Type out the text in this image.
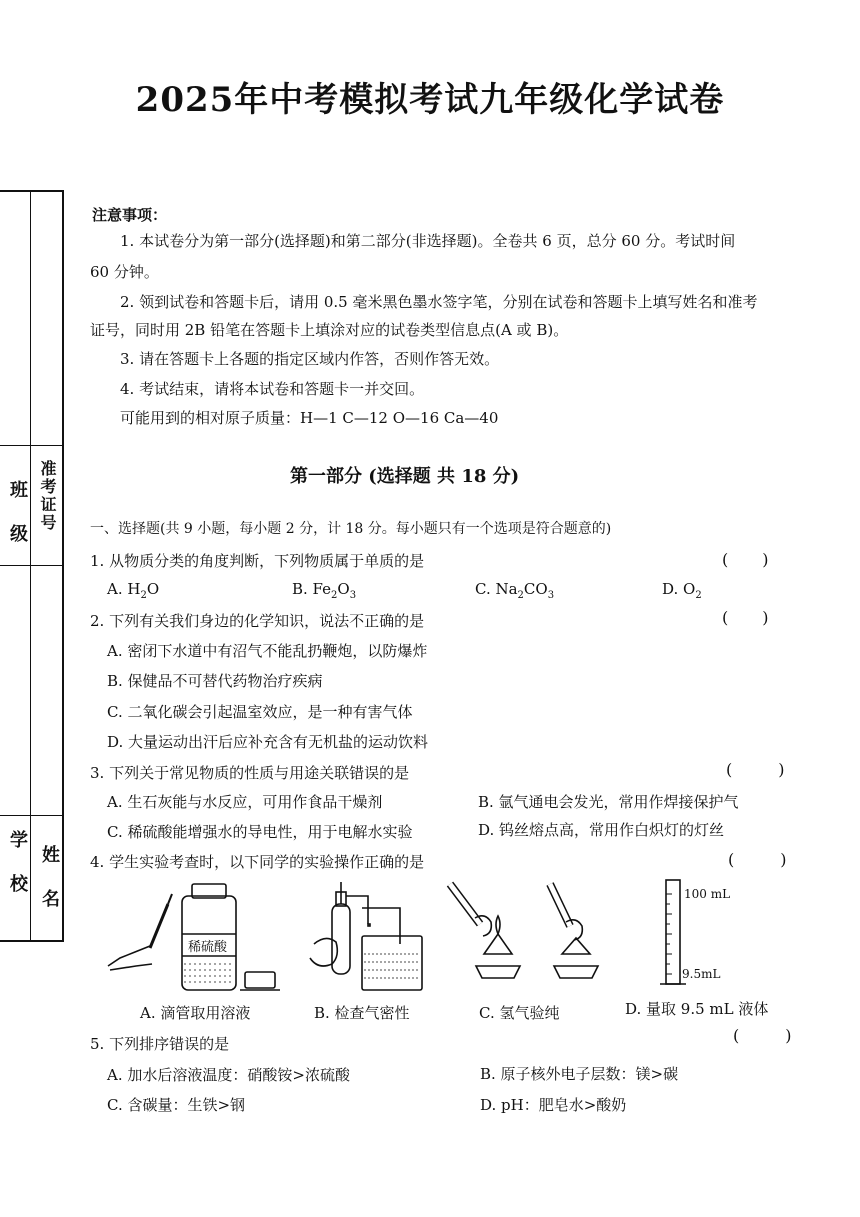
2025年中考模拟考试九年级化学试卷
班 级 准考证号
学 校 姓 名
注意事项：
1. 本试卷分为第一部分(选择题)和第二部分(非选择题)。全卷共 6 页，总分 60 分。考试时间
60 分钟。
2. 领到试卷和答题卡后，请用 0.5 毫米黑色墨水签字笔，分别在试卷和答题卡上填写姓名和准考
证号，同时用 2B 铅笔在答题卡上填涂对应的试卷类型信息点(A 或 B)。
3. 请在答题卡上各题的指定区域内作答，否则作答无效。
4. 考试结束，请将本试卷和答题卡一并交回。
可能用到的相对原子质量：H—1 C—12 O—16 Ca—40
第一部分 (选择题 共 18 分)
一、选择题(共 9 小题，每小题 2 分，计 18 分。每小题只有一个选项是符合题意的)
1. 从物质分类的角度判断，下列物质属于单质的是	( )
A. $H_2O$	B. $Fe_2O_3$	C. $Na_2CO_3$	D. $O_2$
2. 下列有关我们身边的化学知识，说法不正确的是	( )
A. 密闭下水道中有沼气不能乱扔鞭炮，以防爆炸
B. 保健品不可替代药物治疗疾病
C. 二氧化碳会引起温室效应，是一种有害气体
D. 大量运动出汗后应补充含有无机盐的运动饮料
3. 下列关于常见物质的性质与用途关联错误的是	(	)
A. 生石灰能与水反应，可用作食品干燥剂	B. 氩气通电会发光，常用作焊接保护气
C. 稀硫酸能增强水的导电性，用于电解水实验	D. 钨丝熔点高，常用作白炽灯的灯丝
4. 学生实验考查时，以下同学的实验操作正确的是	(	)
稀硫酸
100 mL
9.5mL
A. 滴管取用溶液	B. 检查气密性	C. 氢气验纯	D. 量取 9.5 mL 液体
5. 下列排序错误的是	(	)
A. 加水后溶液温度：硝酸铵>浓硫酸	B. 原子核外电子层数：镁>碳
C. 含碳量：生铁>钢	D. pH：肥皂水>酸奶
